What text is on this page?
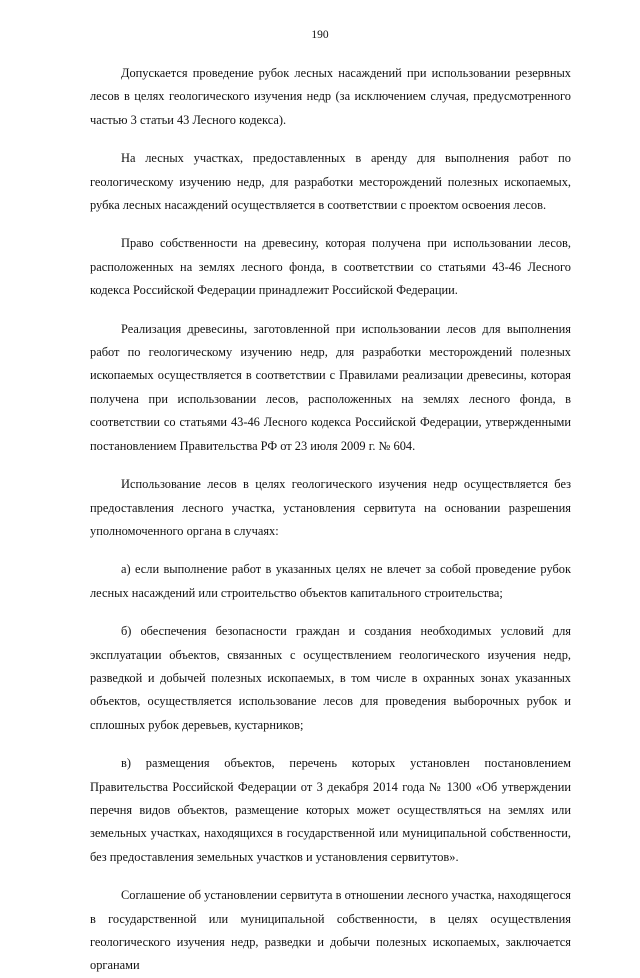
190

Допускается проведение рубок лесных насаждений при использовании резервных лесов в целях геологического изучения недр (за исключением случая, предусмотренного частью 3 статьи 43 Лесного кодекса).

На лесных участках, предоставленных в аренду для выполнения работ по геологическому изучению недр, для разработки месторождений полезных ископаемых, рубка лесных насаждений осуществляется в соответствии с проектом освоения лесов.

Право собственности на древесину, которая получена при использовании лесов, расположенных на землях лесного фонда, в соответствии со статьями 43-46 Лесного кодекса Российской Федерации принадлежит Российской Федерации.

Реализация древесины, заготовленной при использовании лесов для выполнения работ по геологическому изучению недр, для разработки месторождений полезных ископаемых осуществляется в соответствии с Правилами реализации древесины, которая получена при использовании лесов, расположенных на землях лесного фонда, в соответствии со статьями 43-46 Лесного кодекса Российской Федерации, утвержденными постановлением Правительства РФ от 23 июля 2009 г. № 604.

Использование лесов в целях геологического изучения недр осуществляется без предоставления лесного участка, установления сервитута на основании разрешения уполномоченного органа в случаях:

а) если выполнение работ в указанных целях не влечет за собой проведение рубок лесных насаждений или строительство объектов капитального строительства;

б) обеспечения безопасности граждан и создания необходимых условий для эксплуатации объектов, связанных с осуществлением геологического изучения недр, разведкой и добычей полезных ископаемых, в том числе в охранных зонах указанных объектов, осуществляется использование лесов для проведения выборочных рубок и сплошных рубок деревьев, кустарников;

в) размещения объектов, перечень которых установлен постановлением Правительства Российской Федерации от 3 декабря 2014 года № 1300 «Об утверждении перечня видов объектов, размещение которых может осуществляться на землях или земельных участках, находящихся в государственной или муниципальной собственности, без предоставления земельных участков и установления сервитутов».

Соглашение об установлении сервитута в отношении лесного участка, находящегося в государственной или муниципальной собственности, в целях осуществления геологического изучения недр, разведки и добычи полезных ископаемых, заключается органами
